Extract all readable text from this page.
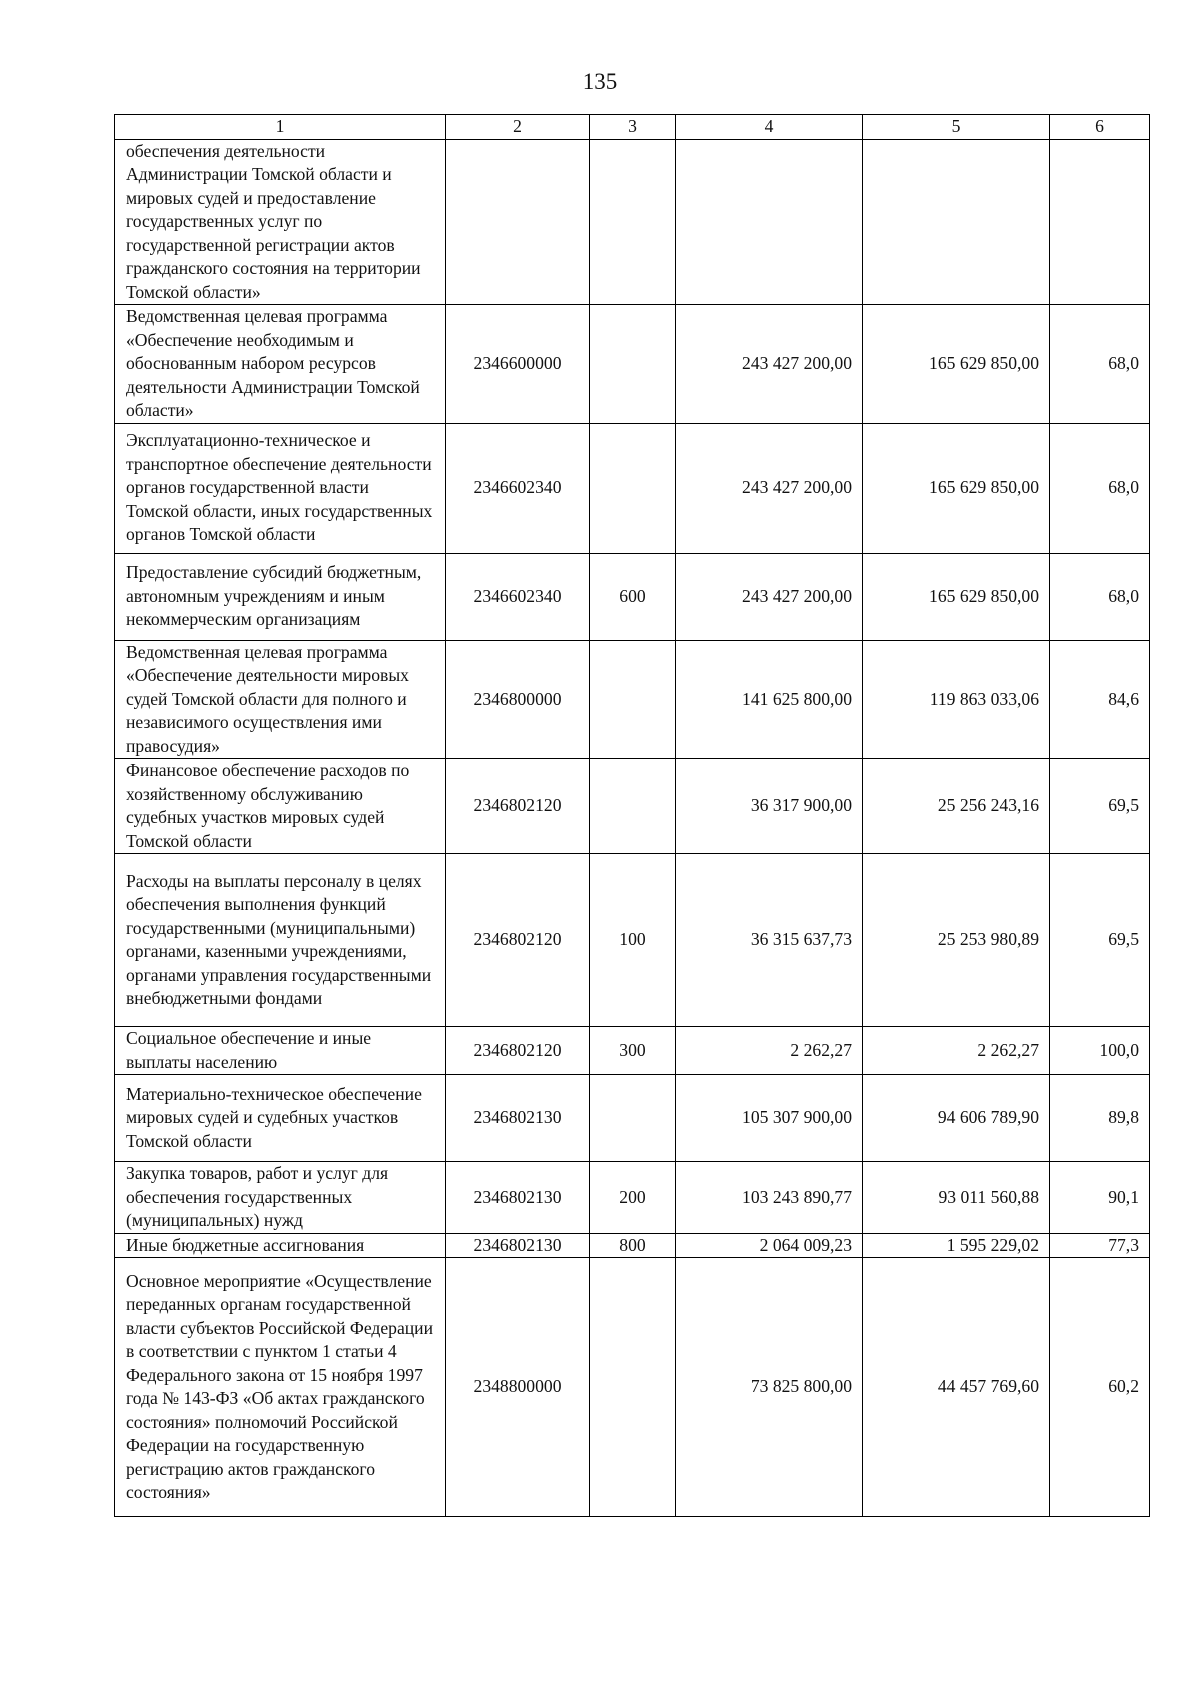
135
1	2	3	4	5	6
обеспечения деятельности Администрации Томской области и мировых судей и предоставление государственных услуг по государственной регистрации актов гражданского состояния на территории Томской области»					
Ведомственная целевая программа «Обеспечение необходимым и обоснованным набором ресурсов деятельности Администрации Томской области»	2346600000		243 427 200,00	165 629 850,00	68,0
Эксплуатационно-техническое и транспортное обеспечение деятельности органов государственной власти Томской области, иных государственных органов Томской области	2346602340		243 427 200,00	165 629 850,00	68,0
Предоставление субсидий бюджетным, автономным учреждениям и иным некоммерческим организациям	2346602340	600	243 427 200,00	165 629 850,00	68,0
Ведомственная целевая программа «Обеспечение деятельности мировых судей Томской области для полного и независимого осуществления ими правосудия»	2346800000		141 625 800,00	119 863 033,06	84,6
Финансовое обеспечение расходов по хозяйственному обслуживанию судебных участков мировых судей Томской области	2346802120		36 317 900,00	25 256 243,16	69,5
Расходы на выплаты персоналу в целях обеспечения выполнения функций государственными (муниципальными) органами, казенными учреждениями, органами управления государственными внебюджетными фондами	2346802120	100	36 315 637,73	25 253 980,89	69,5
Социальное обеспечение и иные выплаты населению	2346802120	300	2 262,27	2 262,27	100,0
Материально-техническое обеспечение мировых судей и судебных участков Томской области	2346802130		105 307 900,00	94 606 789,90	89,8
Закупка товаров, работ и услуг для обеспечения государственных (муниципальных) нужд	2346802130	200	103 243 890,77	93 011 560,88	90,1
Иные бюджетные ассигнования	2346802130	800	2 064 009,23	1 595 229,02	77,3
Основное мероприятие «Осуществление переданных органам государственной власти субъектов Российской Федерации в соответствии с пунктом 1 статьи 4 Федерального закона от 15 ноября 1997 года № 143-ФЗ «Об актах гражданского состояния» полномочий Российской Федерации на государственную регистрацию актов гражданского состояния»	2348800000		73 825 800,00	44 457 769,60	60,2
